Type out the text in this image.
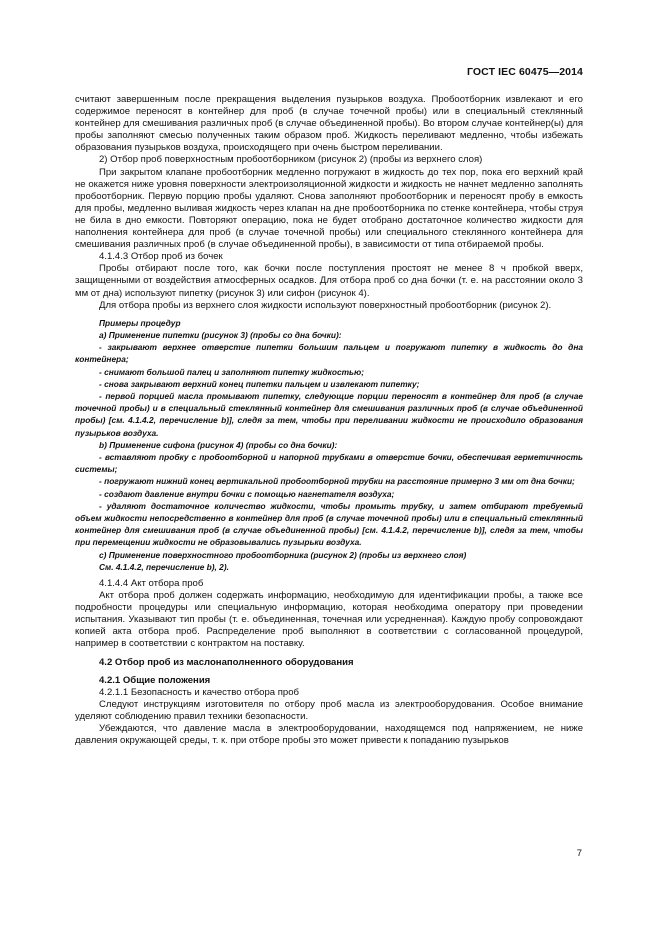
ГОСТ IEC 60475—2014

считают завершенным после прекращения выделения пузырьков воздуха. Пробоотборник извлекают и его содержимое переносят в контейнер для проб (в случае точечной пробы) или в специальный стеклянный контейнер для смешивания различных проб (в случае объединенной пробы). Во втором случае контейнер(ы) для пробы заполняют смесью полученных таким образом проб. Жидкость переливают медленно, чтобы избежать образования пузырьков воздуха, происходящего при очень быстром переливании.

2) Отбор проб поверхностным пробоотборником (рисунок 2) (пробы из верхнего слоя)

При закрытом клапане пробоотборник медленно погружают в жидкость до тех пор, пока его верхний край не окажется ниже уровня поверхности электроизоляционной жидкости и жидкость не начнет медленно заполнять пробоотборник. Первую порцию пробы удаляют. Снова заполняют пробоотборник и переносят пробу в емкость для пробы, медленно выливая жидкость через клапан на дне пробоотборника по стенке контейнера, чтобы струя не била в дно емкости. Повторяют операцию, пока не будет отобрано достаточное количество жидкости для наполнения контейнера для проб (в случае точечной пробы) или специального стеклянного контейнера для смешивания различных проб (в случае объединенной пробы), в зависимости от типа отбираемой пробы.

4.1.4.3 Отбор проб из бочек

Пробы отбирают после того, как бочки после поступления простоят не менее 8 ч пробкой вверх, защищенными от воздействия атмосферных осадков. Для отбора проб со дна бочки (т. е. на расстоянии около 3 мм от дна) используют пипетку (рисунок 3) или сифон (рисунок 4).

Для отбора пробы из верхнего слоя жидкости используют поверхностный пробоотборник (рисунок 2).

Примеры процедур

a) Применение пипетки (рисунок 3) (пробы со дна бочки):

- закрывают верхнее отверстие пипетки большим пальцем и погружают пипетку в жидкость до дна контейнера;

- снимают большой палец и заполняют пипетку жидкостью;

- снова закрывают верхний конец пипетки пальцем и извлекают пипетку;

- первой порцией масла промывают пипетку, следующие порции переносят в контейнер для проб (в случае точечной пробы) и в специальный стеклянный контейнер для смешивания различных проб (в случае объединенной пробы) [см. 4.1.4.2, перечисление b)], следя за тем, чтобы при переливании жидкости не происходило образования пузырьков воздуха.

b) Применение сифона (рисунок 4) (пробы со дна бочки):

- вставляют пробку с пробоотборной и напорной трубками в отверстие бочки, обеспечивая герметичность системы;

- погружают нижний конец вертикальной пробоотборной трубки на расстояние примерно 3 мм от дна бочки;

- создают давление внутри бочки с помощью нагнетателя воздуха;

- удаляют достаточное количество жидкости, чтобы промыть трубку, и затем отбирают требуемый объем жидкости непосредственно в контейнер для проб (в случае точечной пробы) или в специальный стеклянный контейнер для смешивания проб (в случае объединенной пробы) [см. 4.1.4.2, перечисление b)], следя за тем, чтобы при перемещении жидкости не образовывались пузырьки воздуха.

c) Применение поверхностного пробоотборника (рисунок 2) (пробы из верхнего слоя)

См. 4.1.4.2, перечисление b), 2).

4.1.4.4 Акт отбора проб

Акт отбора проб должен содержать информацию, необходимую для идентификации пробы, а также все подробности процедуры или специальную информацию, которая необходима оператору при проведении испытания. Указывают тип пробы (т. е. объединенная, точечная или усредненная). Каждую пробу сопровождают копией акта отбора проб. Распределение проб выполняют в соответствии с согласованной процедурой, например в соответствии с контрактом на поставку.

4.2 Отбор проб из маслонаполненного оборудования

4.2.1 Общие положения

4.2.1.1 Безопасность и качество отбора проб

Следуют инструкциям изготовителя по отбору проб масла из электрооборудования. Особое внимание уделяют соблюдению правил техники безопасности.

Убеждаются, что давление масла в электрооборудовании, находящемся под напряжением, не ниже давления окружающей среды, т. к. при отборе пробы это может привести к попаданию пузырьков

7
